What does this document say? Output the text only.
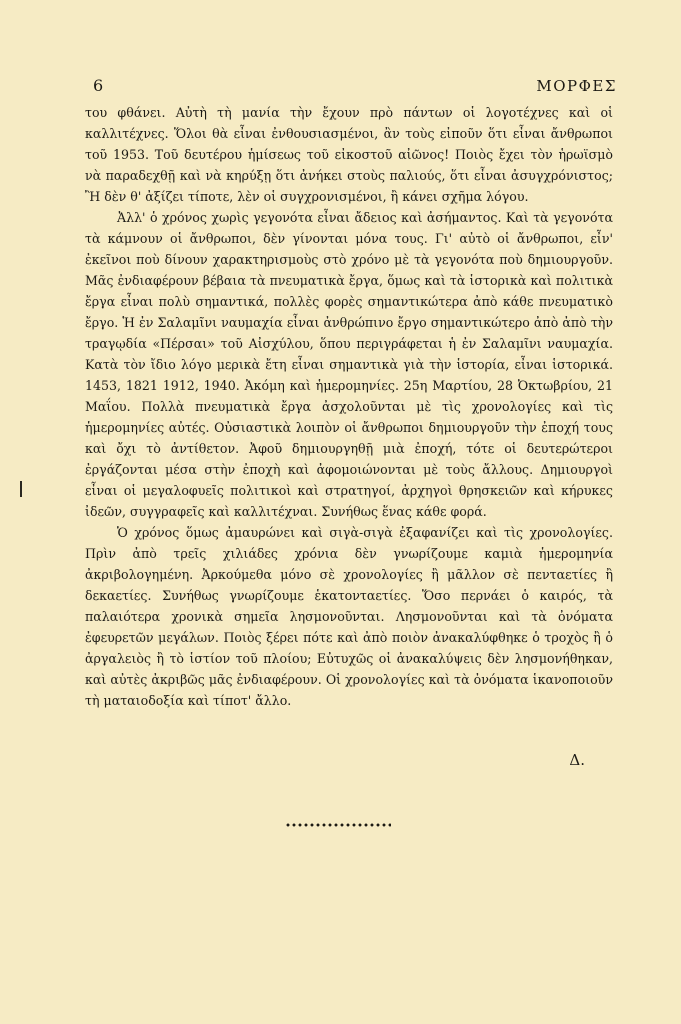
6	ΜΟΡΦΕΣ

του φθάνει. Αὐτὴ τὴ μανία τὴν ἔχουν πρὸ πάντων οἱ λογοτέχνες καὶ οἱ καλλιτέχνες. Ὅλοι θὰ εἶναι ἐνθουσιασμένοι, ἂν τοὺς εἰποῦν ὅτι εἶναι ἄνθρωποι τοῦ 1953. Τοῦ δευτέρου ἡμίσεως τοῦ εἰκοστοῦ αἰῶνος! Ποιὸς ἔχει τὸν ἡρωϊσμὸ νὰ παραδεχθῇ καὶ νὰ κηρύξῃ ὅτι ἀνήκει στοὺς παλιούς, ὅτι εἶναι ἀσυγχρόνιστος; Ἢ δὲν θ' ἀξίζει τίποτε, λὲν οἱ συγχρονισμένοι, ἢ κάνει σχῆμα λόγου.

Ἀλλ' ὁ χρόνος χωρὶς γεγονότα εἶναι ἄδειος καὶ ἀσήμαντος. Καὶ τὰ γεγονότα τὰ κάμνουν οἱ ἄνθρωποι, δὲν γίνονται μόνα τους. Γι' αὐτὸ οἱ ἄνθρωποι, εἶν' ἐκεῖνοι ποὺ δίνουν χαρακτηρισμοὺς στὸ χρόνο μὲ τὰ γεγονότα ποὺ δημιουργοῦν. Μᾶς ἐνδιαφέρουν βέβαια τὰ πνευματικὰ ἔργα, ὅμως καὶ τὰ ἱστορικὰ καὶ πολιτικὰ ἔργα εἶναι πολὺ σημαντικά, πολλὲς φορὲς σημαντικώτερα ἀπὸ κάθε πνευματικὸ ἔργο. Ἡ ἐν Σαλαμῖνι ναυμαχία εἶναι ἀνθρώπινο ἔργο σημαντικώτερο ἀπὸ ἀπὸ τὴν τραγῳδία «Πέρσαι» τοῦ Αἰσχύλου, ὅπου περιγράφεται ἡ ἐν Σαλαμῖνι ναυμαχία. Κατὰ τὸν ἴδιο λόγο μερικὰ ἔτη εἶναι σημαντικὰ γιὰ τὴν ἱστορία, εἶναι ἱστορικά. 1453, 1821 1912, 1940. Ἀκόμη καὶ ἡμερομηνίες. 25η Μαρτίου, 28 Ὀκτωβρίου, 21 Μαΐου. Πολλὰ πνευματικὰ ἔργα ἀσχολοῦνται μὲ τὶς χρονολογίες καὶ τὶς ἡμερομηνίες αὐτές. Οὐσιαστικὰ λοιπὸν οἱ ἄνθρωποι δημιουργοῦν τὴν ἐποχή τους καὶ ὄχι τὸ ἀντίθετον. Ἀφοῦ δημιουργηθῇ μιὰ ἐποχή, τότε οἱ δευτερώτεροι ἐργάζονται μέσα στὴν ἐποχὴ καὶ ἀφομοιώνονται μὲ τοὺς ἄλλους. Δημιουργοὶ εἶναι οἱ μεγαλοφυεῖς πολιτικοὶ καὶ στρατηγοί, ἀρχηγοὶ θρησκειῶν καὶ κήρυκες ἰδεῶν, συγγραφεῖς καὶ καλλιτέχναι. Συνήθως ἕνας κάθε φορά.

Ὁ χρόνος ὅμως ἀμαυρώνει καὶ σιγὰ-σιγὰ ἐξαφανίζει καὶ τὶς χρονολογίες. Πρὶν ἀπὸ τρεῖς χιλιάδες χρόνια δὲν γνωρίζουμε καμιὰ ἡμερομηνία ἀκριβολογημένη. Ἀρκούμεθα μόνο σὲ χρονολογίες ἢ μᾶλλον σὲ πενταετίες ἢ δεκαετίες. Συνήθως γνωρίζουμε ἑκατονταετίες. Ὅσο περνάει ὁ καιρός, τὰ παλαιότερα χρονικὰ σημεῖα λησμονοῦνται. Λησμονοῦνται καὶ τὰ ὀνόματα ἐφευρετῶν μεγάλων. Ποιὸς ξέρει πότε καὶ ἀπὸ ποιὸν ἀνακαλύφθηκε ὁ τροχὸς ἢ ὁ ἀργαλειὸς ἢ τὸ ἱστίον τοῦ πλοίου; Εὐτυχῶς οἱ ἀνακαλύψεις δὲν λησμονήθηκαν, καὶ αὐτὲς ἀκριβῶς μᾶς ἐνδιαφέρουν. Οἱ χρονολογίες καὶ τὰ ὀνόματα ἱκανοποιοῦν τὴ ματαιοδοξία καὶ τίποτ' ἄλλο.

Δ.
